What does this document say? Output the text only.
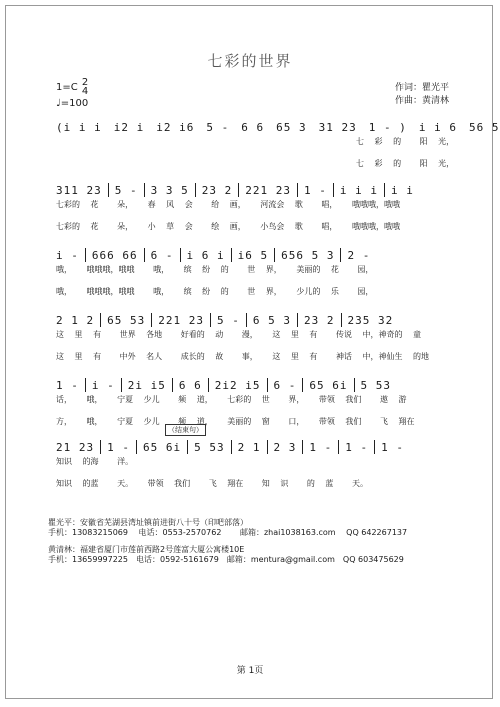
七彩的世界
1=C 2
4
♩=100
作词：瞿光平
作曲：黄清林
(i i i i2 i i2 i6 5 - 6 6 65 3 31 23 1 - ) i i 6 56 5
七 彩 的　 阳 光，
七 彩 的　 阳 光，
311 23 5 - 3 3 5 23 2 221 23 1 - i i i i i
七彩的 花　 朵，　 春 风 会　 给 画，　 河流会 歌　 唱，　 哦哦哦，哦哦
七彩的 花　 朵，　 小 草 会　 绘 画，　 小鸟会 歌　 唱，　 哦哦哦，哦哦
i - 666 66 6 - i 6 i i6 5 656 5 3 2 -
哦，　 哦哦哦，哦哦　 哦，　 缤 纷 的　 世 界，　 美丽的 花　 园，
哦，　 哦哦哦，哦哦　 哦，　 缤 纷 的　 世 界，　 少儿的 乐　 园，
2 1 2 65 53 221 23 5 - 6 5 3 23 2 235 32
这 里 有　 世界 各地　 好看的 动　 漫，　 这 里 有　 传说 中，神奇的 童
这 里 有　 中外 名人　 成长的 故　 事，　 这 里 有　 神话 中，神仙生 的地
1 - i - 2i i5 6 6 2i2 i5 6 - 65 6i 5 53
话，　 哦，　 宁夏 少儿　 频 道，　 七彩的 世　 界，　 带领 我们　 遨 游
方，　 哦，　 宁夏 少儿　 频 道，　 美丽的 窗　 口，　 带领 我们　 飞 翔在
（结束句）
21 23 1 - 65 6i 5 53 2 1 2 3 1 - 1 - 1 -
知识 的海　 洋。
知识 的蓝　 天。　 带领 我们　 飞 翔在　 知 识　 的 蓝　 天。
瞿光平：安徽省芜湖县湾址镇前进街八十号（印吧部落）
手机：13083215069　 电话：0553-2570762　　 邮箱：zhai1038163.com　 QQ 642267137
黄清林：福建省厦门市莲前西路2号莲富大厦公寓楼10E
手机：13659997225　电话：0592-5161679　邮箱：mentura@gmail.com　QQ 603475629
第 1页
